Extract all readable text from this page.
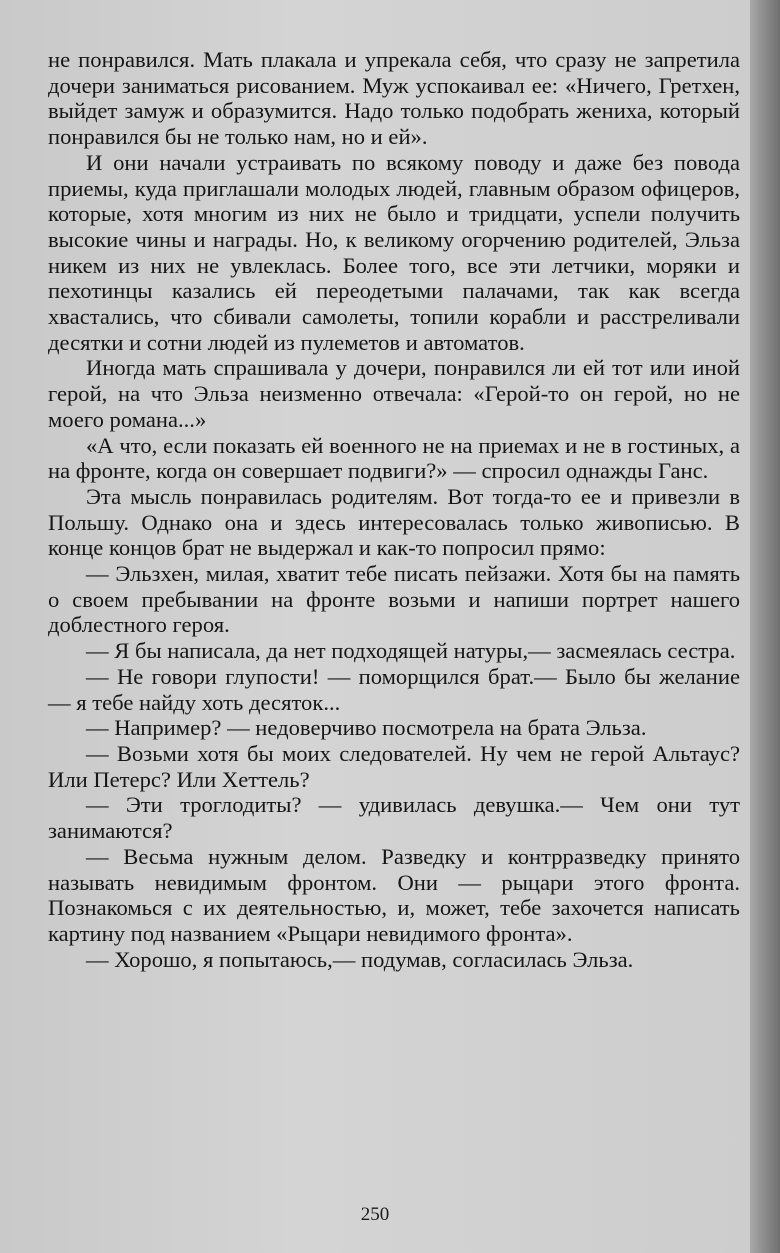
не понравился. Мать плакала и упрекала себя, что сразу не запретила дочери заниматься рисованием. Муж успокаивал ее: «Ничего, Гретхен, выйдет замуж и образумится. Надо только подобрать жениха, который понравился бы не только нам, но и ей».

И они начали устраивать по всякому поводу и даже без повода приемы, куда приглашали молодых людей, главным образом офицеров, которые, хотя многим из них не было и тридцати, успели получить высокие чины и награды. Но, к великому огорчению родителей, Эльза никем из них не увлеклась. Более того, все эти летчики, моряки и пехотинцы казались ей переодетыми палачами, так как всегда хвастались, что сбивали самолеты, топили корабли и расстреливали десятки и сотни людей из пулеметов и автоматов.

Иногда мать спрашивала у дочери, понравился ли ей тот или иной герой, на что Эльза неизменно отвечала: «Герой-то он герой, но не моего романа...»

«А что, если показать ей военного не на приемах и не в гостиных, а на фронте, когда он совершает подвиги?» — спросил однажды Ганс.

Эта мысль понравилась родителям. Вот тогда-то ее и привезли в Польшу. Однако она и здесь интересовалась только живописью. В конце концов брат не выдержал и как-то попросил прямо:

— Эльзхен, милая, хватит тебе писать пейзажи. Хотя бы на память о своем пребывании на фронте возьми и напиши портрет нашего доблестного героя.

— Я бы написала, да нет подходящей натуры,— засмеялась сестра.

— Не говори глупости! — поморщился брат.— Было бы желание — я тебе найду хоть десяток...

— Например? — недоверчиво посмотрела на брата Эльза.

— Возьми хотя бы моих следователей. Ну чем не герой Альтаус? Или Петерс? Или Хеттель?

— Эти троглодиты? — удивилась девушка.— Чем они тут занимаются?

— Весьма нужным делом. Разведку и контрразведку принято называть невидимым фронтом. Они — рыцари этого фронта. Познакомься с их деятельностью, и, может, тебе захочется написать картину под названием «Рыцари невидимого фронта».

— Хорошо, я попытаюсь,— подумав, согласилась Эльза.

250
